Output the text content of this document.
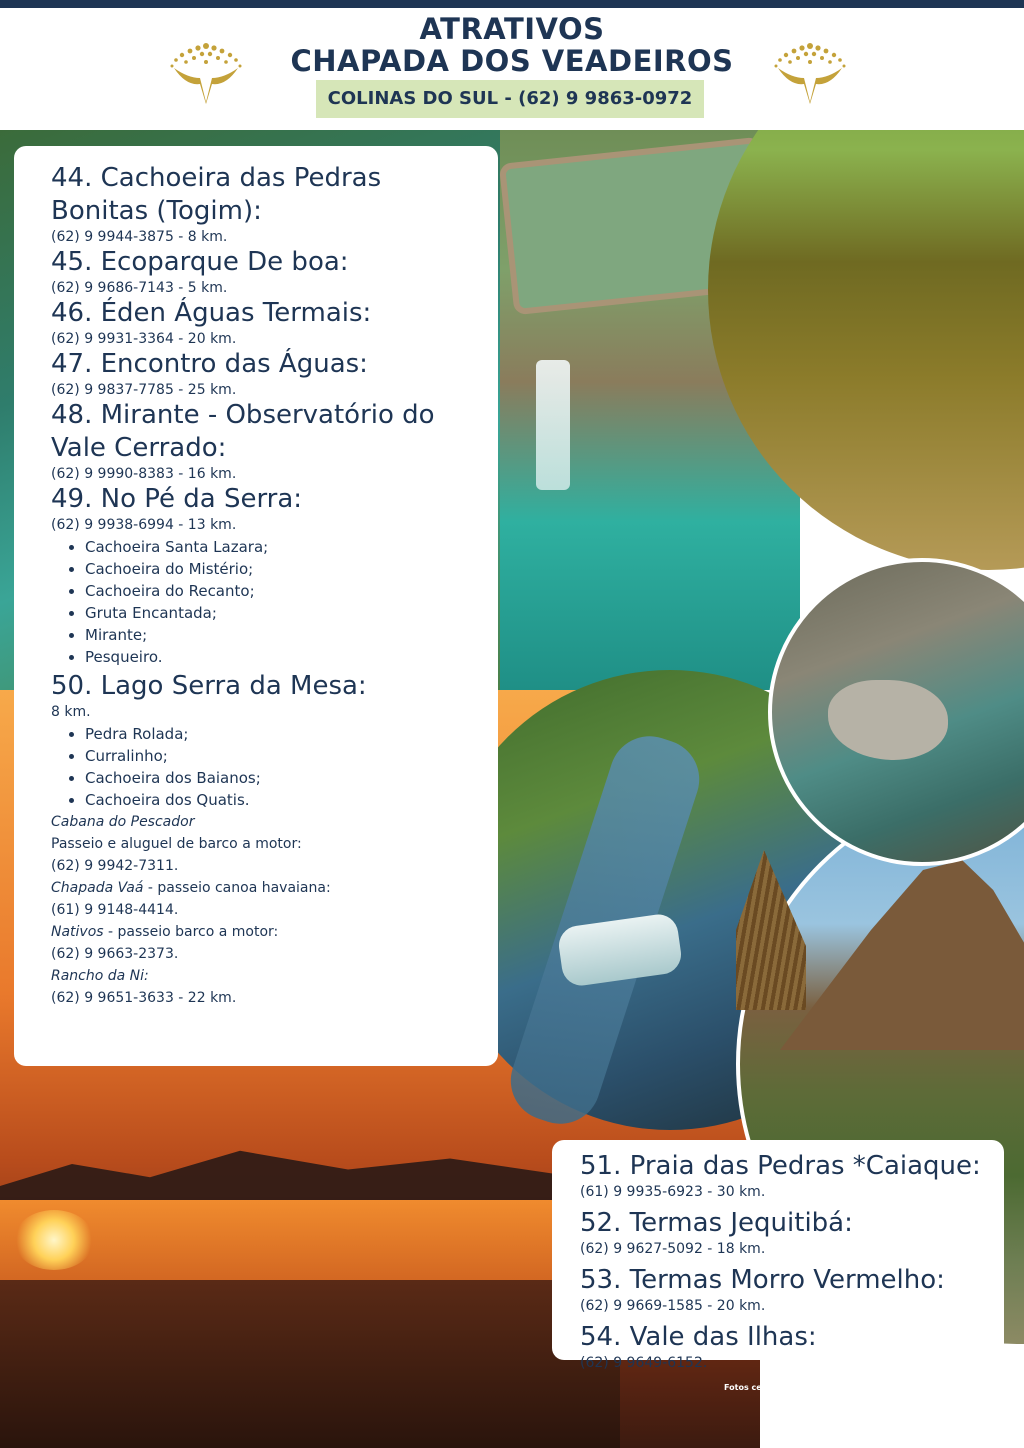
ATRATIVOS
CHAPADA DOS VEADEIROS
COLINAS DO SUL - (62) 9 9863-0972
44. Cachoeira das Pedras
Bonitas (Togim):
(62) 9 9944-3875 - 8 km.
45. Ecoparque De boa:
(62) 9 9686-7143 - 5 km.
46. Éden Águas Termais:
(62) 9 9931-3364 - 20 km.
47. Encontro das Águas:
(62) 9 9837-7785 - 25 km.
48. Mirante - Observatório do
Vale Cerrado:
(62) 9 9990-8383 - 16 km.
49. No Pé da Serra:
(62) 9 9938-6994 - 13 km.
• Cachoeira Santa Lazara;
• Cachoeira do Mistério;
• Cachoeira do Recanto;
• Gruta Encantada;
• Mirante;
• Pesqueiro.
50. Lago Serra da Mesa:
8 km.
• Pedra Rolada;
• Curralinho;
• Cachoeira dos Baianos;
• Cachoeira dos Quatis.
Cabana do Pescador
Passeio e aluguel de barco a motor:
(62) 9 9942-7311.
Chapada Vaá - passeio canoa havaiana:
(61) 9 9148-4414.
Nativos - passeio barco a motor:
(62) 9 9663-2373.
Rancho da Ni:
(62) 9 9651-3633 - 22 km.
51. Praia das Pedras *Caiaque:
(61) 9 9935-6923 - 30 km.
52. Termas Jequitibá:
(62) 9 9627-5092 - 18 km.
53. Termas Morro Vermelho:
(62) 9 9669-1585 - 20 km.
54. Vale das Ilhas:
(62) 9 9649-6152.
Fotos cedidas por Leo Mohamed e Sectur do município
